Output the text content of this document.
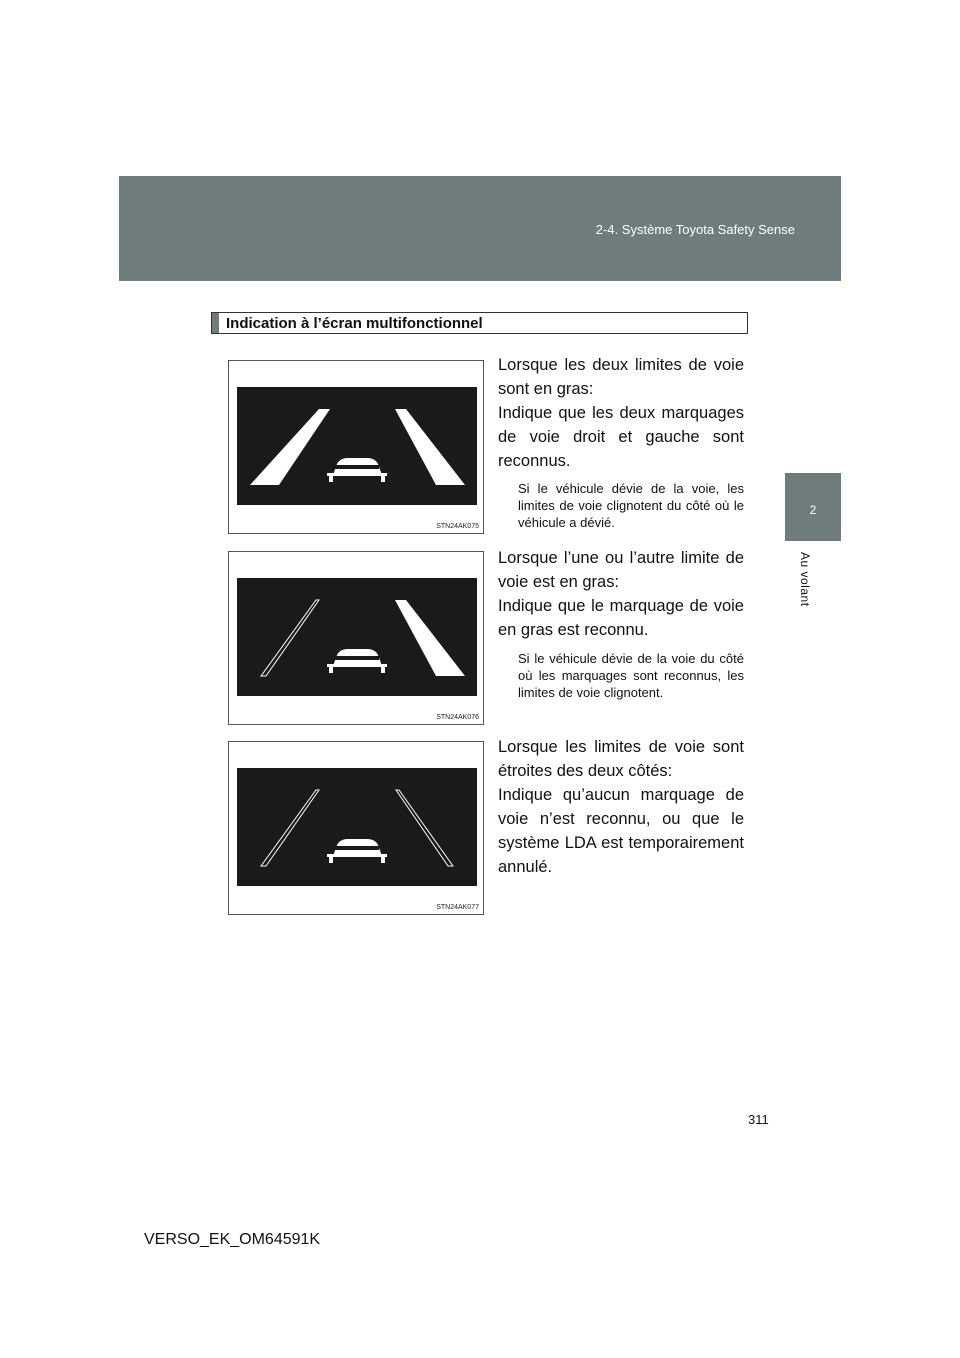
2-4. Système Toyota Safety Sense
2
Au volant
Indication à l’écran multifonctionnel
STN24AK075
STN24AK076
STN24AK077

Lorsque les deux limites de voie sont en gras:

Indique que les deux marquages de voie droit et gauche sont reconnus.

Si le véhicule dévie de la voie, les limites de voie clignotent du côté où le véhicule a dévié.

Lorsque l’une ou l’autre limite de voie est en gras:

Indique que le marquage de voie en gras est reconnu.

Si le véhicule dévie de la voie du côté où les marquages sont reconnus, les limites de voie clignotent.

Lorsque les limites de voie sont étroites des deux côtés:

Indique qu’aucun marquage de voie n’est reconnu, ou que le système LDA est temporairement annulé.

311
VERSO_EK_OM64591K
